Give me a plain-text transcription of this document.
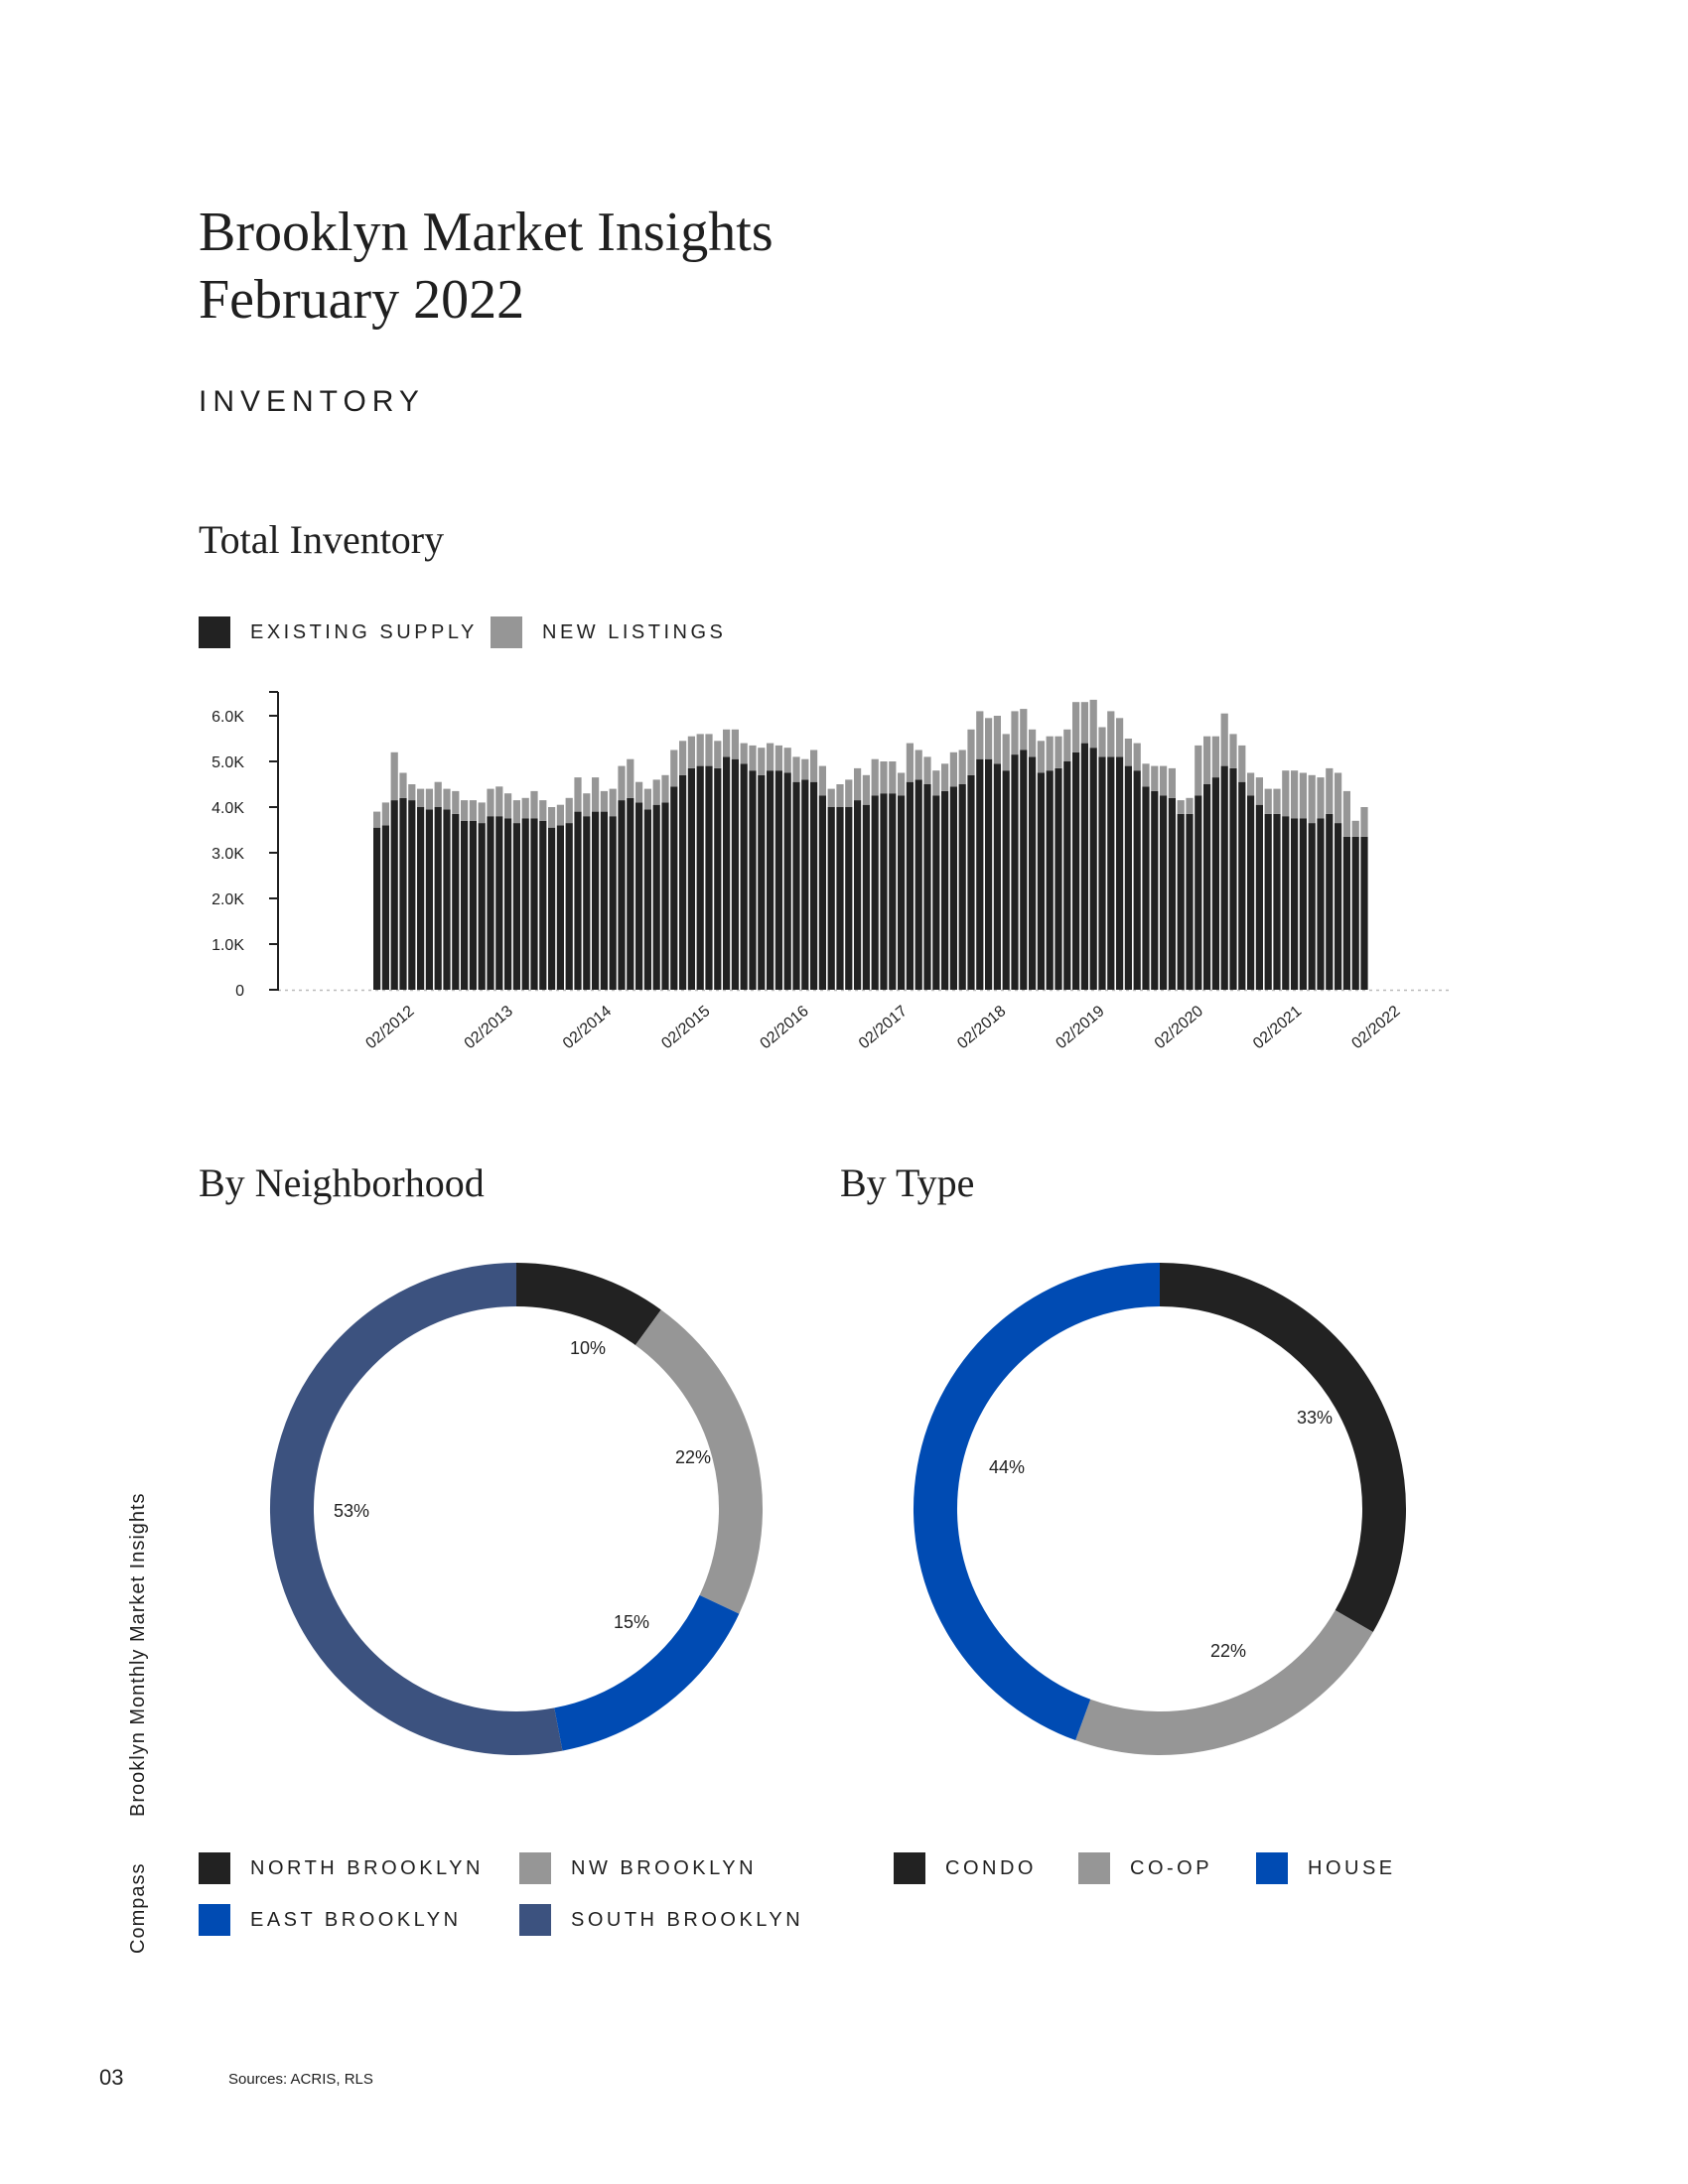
Brooklyn Market Insights
February 2022
INVENTORY
Total Inventory
EXISTING SUPPLY	NEW LISTINGS
0
1.0K
2.0K
3.0K
4.0K
5.0K
6.0K
02/2012	02/2013	02/2014	02/2015	02/2016	02/2017	02/2018	02/2019	02/2020	02/2021	02/2022
By Neighborhood
10%
22%
15%
53%
NORTH BROOKLYN	NW BROOKLYN
EAST BROOKLYN	SOUTH BROOKLYN
By Type
33%
22%
44%
CONDO	CO-OP	HOUSE
Compass
Brooklyn Monthly Market Insights
03	Sources: ACRIS, RLS
